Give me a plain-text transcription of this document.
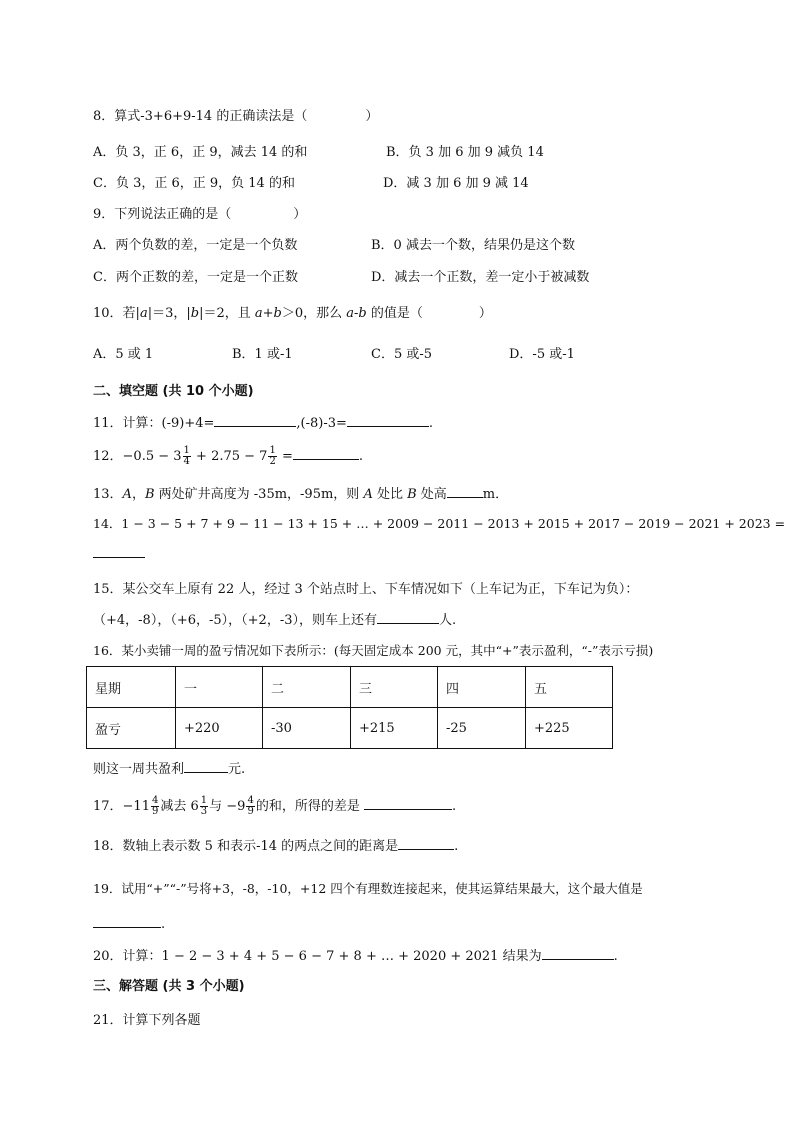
8．算式-3+6+9-14 的正确读法是（	）
A．负 3，正 6，正 9，减去 14 的和	B．负 3 加 6 加 9 减负 14
C．负 3，正 6，正 9，负 14 的和	D．减 3 加 6 加 9 减 14
9．下列说法正确的是（	）
A．两个负数的差，一定是一个负数	B．0 减去一个数，结果仍是这个数
C．两个正数的差，一定是一个正数	D．减去一个正数，差一定小于被减数
10．若|a|＝3，|b|＝2，且 a+b＞0，那么 a-b 的值是（	）
A．5 或 1	B．1 或-1	C．5 或-5	D．-5 或-1
二、填空题 (共 10 个小题)
11．计算：(-9)+4=	,(-8)-3=	.
12．$-0.5 - 3 \frac{1}{4} + 2.75 - 7 \frac{1}{2}$ =	.
13．A，B 两处矿井高度为 -35m，-95m，则 A 处比 B 处高	m．
14．1 − 3 − 5 + 7 + 9 − 11 − 13 + 15 + … + 2009 − 2011 − 2013 + 2015 + 2017 − 2019 − 2021 + 2023 =
15．某公交车上原有 22 人，经过 3 个站点时上、下车情况如下（上车记为正，下车记为负）：
（+4，-8），（+6，-5），（+2，-3），则车上还有	人.
16．某小卖铺一周的盈亏情况如下表所示：(每天固定成本 200 元，其中“+”表示盈利，“-”表示亏损)
星期	一	二	三	四	五
盈亏	+220	-30	+215	-25	+225
则这一周共盈利	元.
17．$-11 \frac{4}{9}$ 减去 $6 \frac{1}{3}$ 与 $-9 \frac{4}{9}$ 的和，所得的差是	.
18．数轴上表示数 5 和表示-14 的两点之间的距离是	.
19．试用“+”“-”号将+3，-8，-10，+12 四个有理数连接起来，使其运算结果最大，这个最大值是
.
20．计算：1 − 2 − 3 + 4 + 5 − 6 − 7 + 8 + … + 2020 + 2021 结果为	.
三、解答题 (共 3 个小题)
21．计算下列各题
